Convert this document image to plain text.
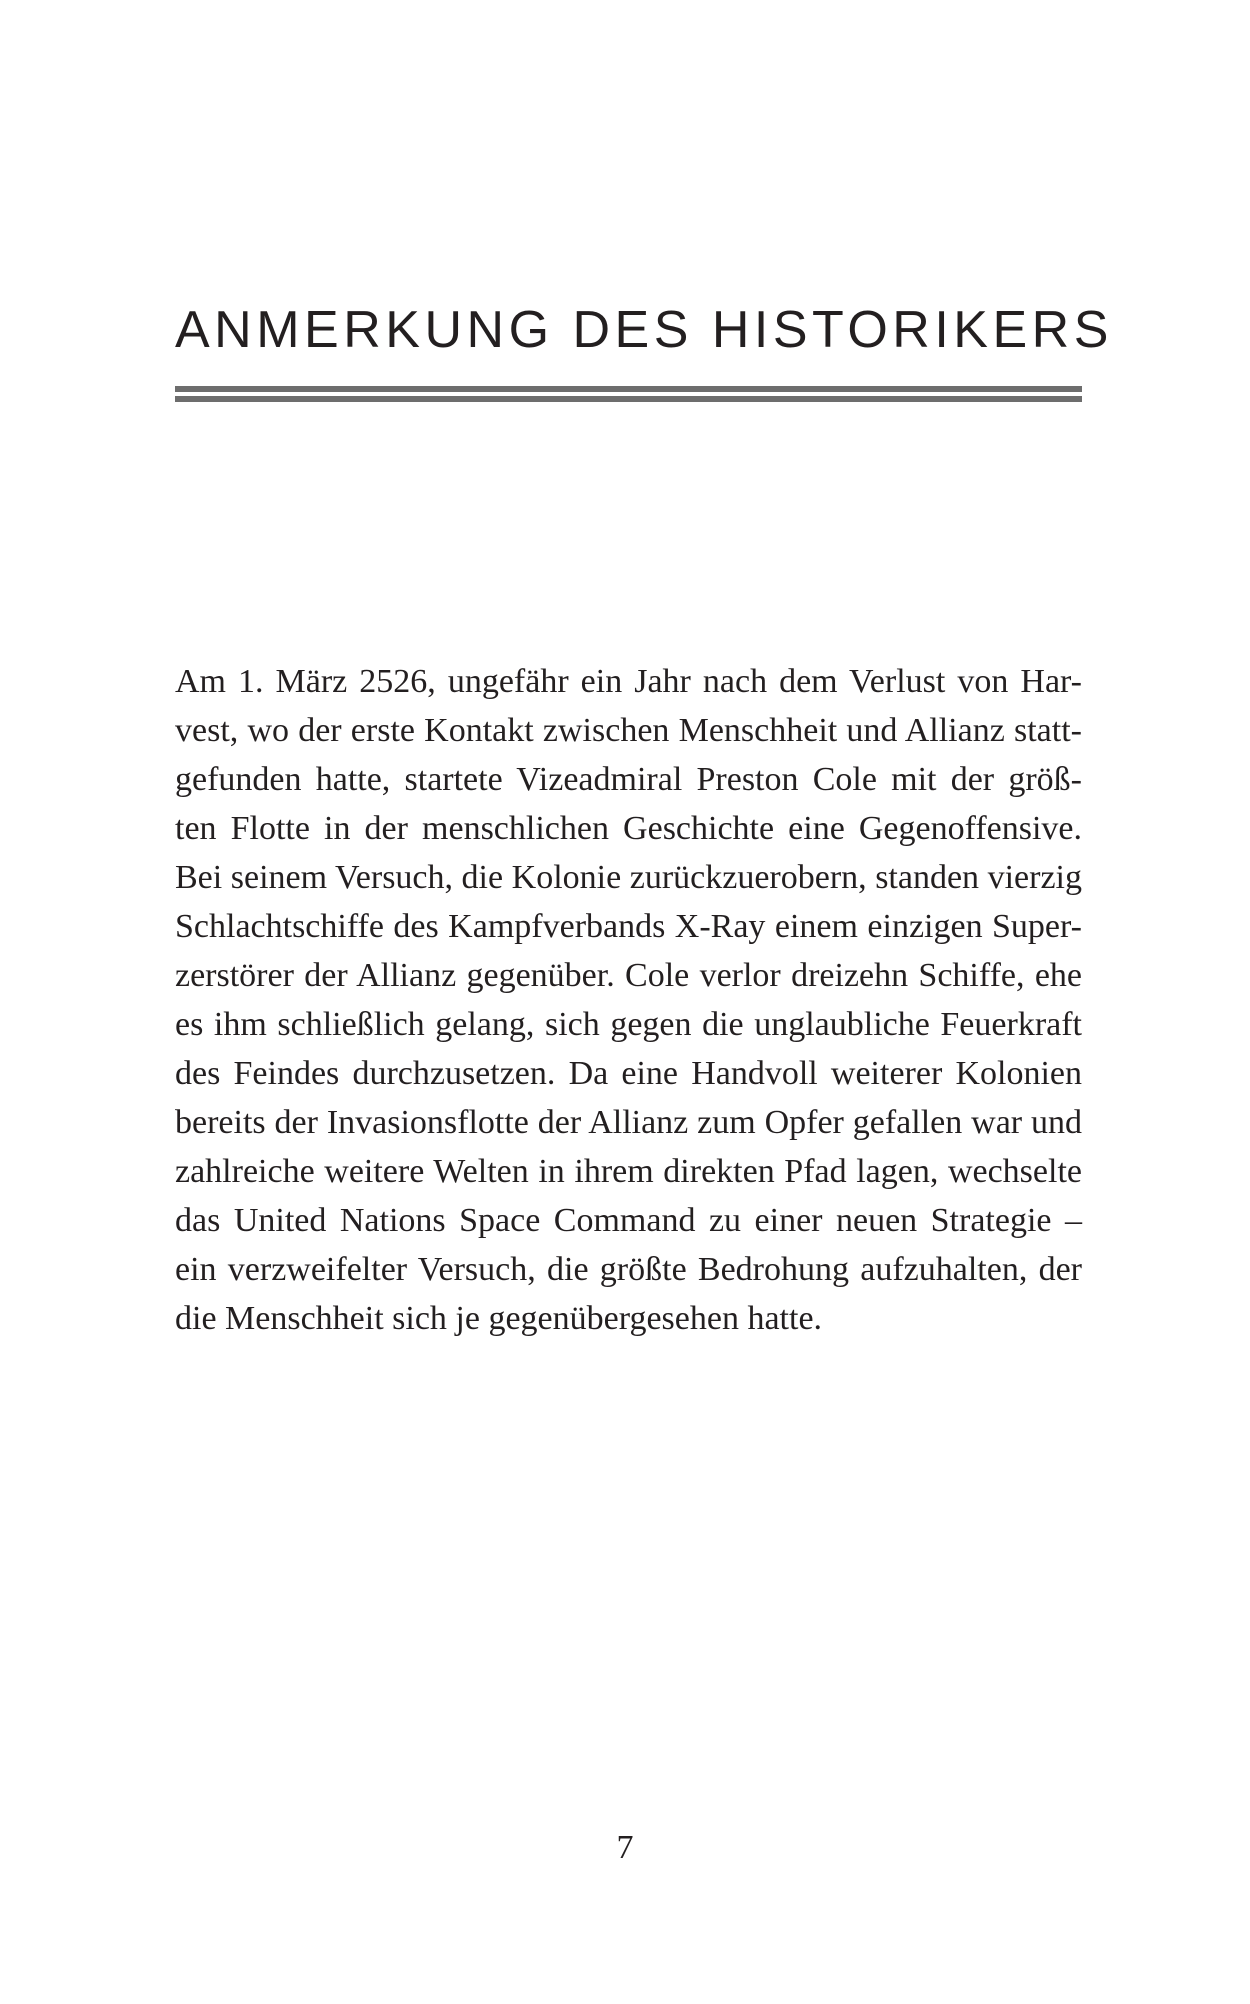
ANMERKUNG DES HISTORIKERS

Am 1. März 2526, ungefähr ein Jahr nach dem Verlust von Har-
vest, wo der erste Kontakt zwischen Menschheit und Allianz statt-
gefunden hatte, startete Vizeadmiral Preston Cole mit der größ-
ten Flotte in der menschlichen Geschichte eine Gegenoffensive.
Bei seinem Versuch, die Kolonie zurückzuerobern, standen vierzig
Schlachtschiffe des Kampfverbands X-Ray einem einzigen Super-
zerstörer der Allianz gegenüber. Cole verlor dreizehn Schiffe, ehe
es ihm schließlich gelang, sich gegen die unglaubliche Feuerkraft
des Feindes durchzusetzen. Da eine Handvoll weiterer Kolonien
bereits der Invasionsflotte der Allianz zum Opfer gefallen war und
zahlreiche weitere Welten in ihrem direkten Pfad lagen, wechselte
das United Nations Space Command zu einer neuen Strategie –
ein verzweifelter Versuch, die größte Bedrohung aufzuhalten, der
die Menschheit sich je gegenübergesehen hatte.

7
